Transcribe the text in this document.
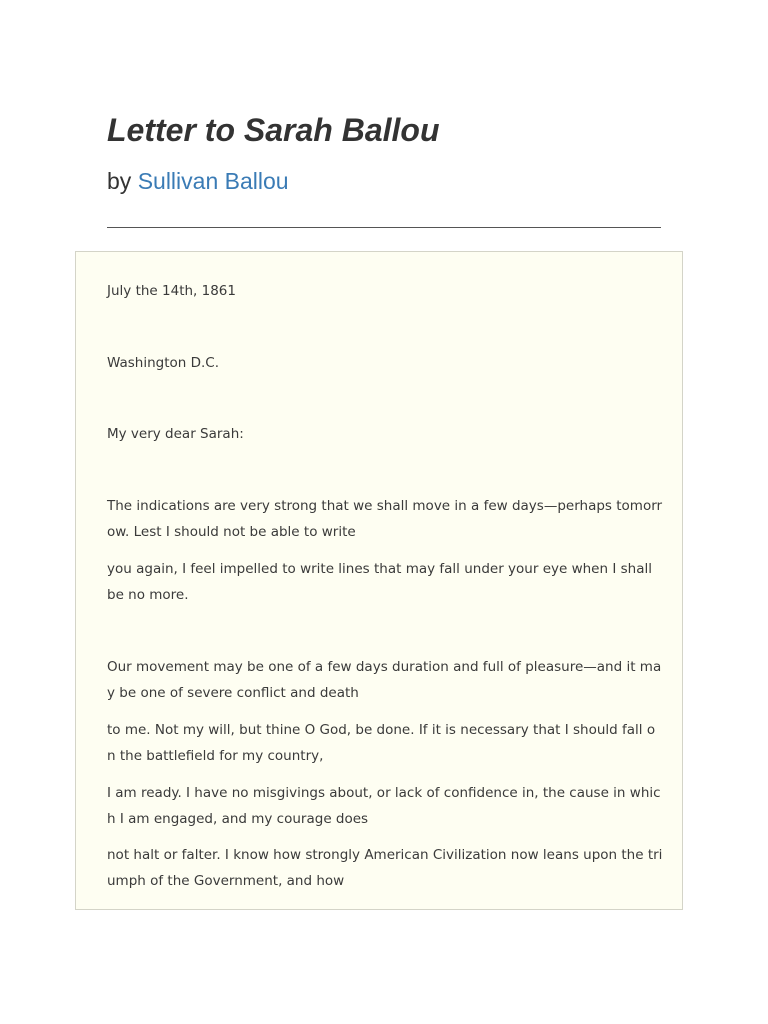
Letter to Sarah Ballou
by Sullivan Ballou

July the 14th, 1861

Washington D.C.

My very dear Sarah:

The indications are very strong that we shall move in a few days—perhaps tomorrow. Lest I should not be able to write

you again, I feel impelled to write lines that may fall under your eye when I shall be no more.

Our movement may be one of a few days duration and full of pleasure—and it may be one of severe conflict and death

to me. Not my will, but thine O God, be done. If it is necessary that I should fall on the battlefield for my country,

I am ready. I have no misgivings about, or lack of confidence in, the cause in which I am engaged, and my courage does

not halt or falter. I know how strongly American Civilization now leans upon the triumph of the Government, and how
